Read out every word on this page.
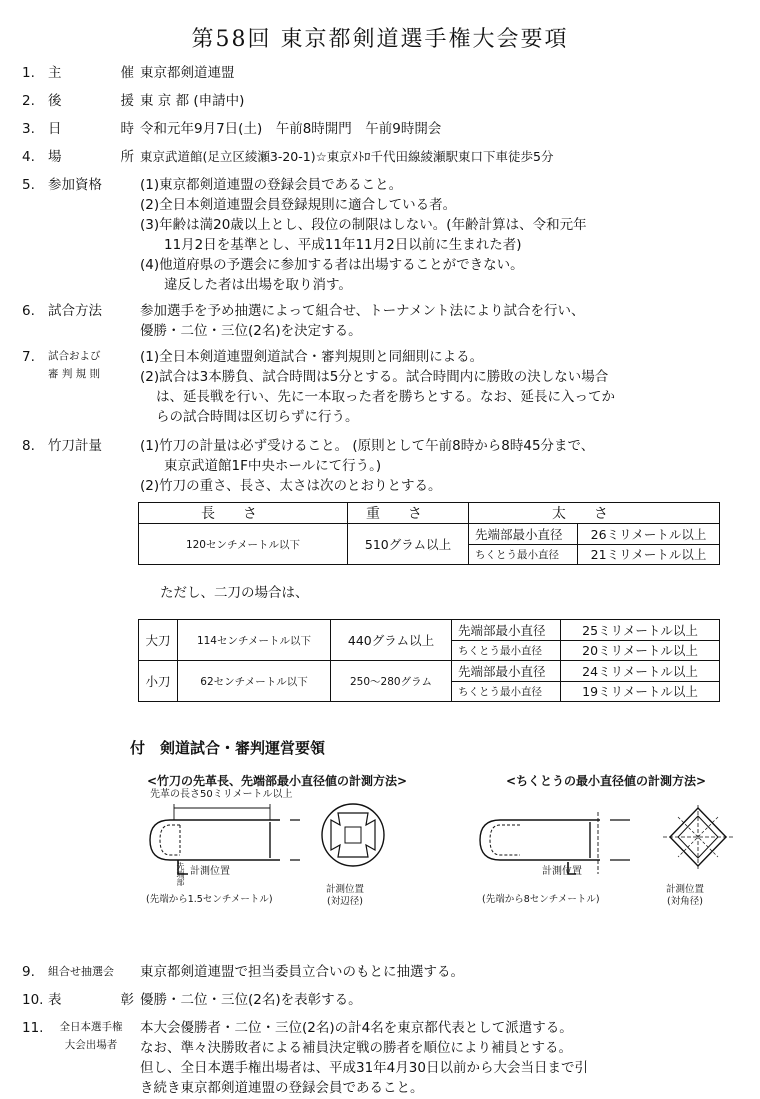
第58回 東京都剣道選手権大会要項
1. 主	催 東京都剣道連盟
2. 後	援 東 京 都 (申請中)
3. 日	時 令和元年9月7日(土)　午前8時開門　午前9時開会
4. 場	所 東京武道館(足立区綾瀬3-20-1)☆東京ﾒﾄﾛ千代田線綾瀬駅東口下車徒歩5分
5. 参加資格	(1)東京都剣道連盟の登録会員であること。
(2)全日本剣道連盟会員登録規則に適合している者。
(3)年齢は満20歳以上とし、段位の制限はしない。(年齢計算は、令和元年
11月2日を基準とし、平成11年11月2日以前に生まれた者)
(4)他道府県の予選会に参加する者は出場することができない。
違反した者は出場を取り消す。
6. 試合方法	参加選手を予め抽選によって組合せ、トーナメント法により試合を行い、
優勝・二位・三位(2名)を決定する。
7.	試合および
審 判 規 則
(1)全日本剣道連盟剣道試合・審判規則と同細則による。
(2)試合は3本勝負、試合時間は5分とする。試合時間内に勝敗の決しない場合
は、延長戦を行い、先に一本取った者を勝ちとする。なお、延長に入ってか
らの試合時間は区切らずに行う。
8. 竹刀計量	(1)竹刀の計量は必ず受けること。 (原則として午前8時から8時45分まで、
東京武道館1F中央ホールにて行う。)
(2)竹刀の重さ、長さ、太さは次のとおりとする。
長さ	重さ	太さ	
120センチメートル以下	510グラム以上	先端部最小直径	26ミリメートル以上
		ちくとう最小直径	21ミリメートル以上
ただし、二刀の場合は、
大刀	114センチメートル以下	440グラム以上	先端部最小直径	25ミリメートル以上
			ちくとう最小直径	20ミリメートル以上
小刀	62センチメートル以下	250〜280グラム	先端部最小直径	24ミリメートル以上
			ちくとう最小直径	19ミリメートル以上
付　剣道試合・審判運営要領
<竹刀の先革長、先端部最小直径値の計測方法>	<ちくとうの最小直径値の計測方法>
先革の長さ50ミリメートル以上
先端部 計測位置
(先端から1.5センチメートル)
計測位置
(対辺径)
計測位置
(先端から8センチメートル)
計測位置
(対角径)
9.	組合せ抽選会	東京都剣道連盟で担当委員立合いのもとに抽選する。
10. 表	彰 優勝・二位・三位(2名)を表彰する。
11.	全日本選手権
大会出場者
本大会優勝者・二位・三位(2名)の計4名を東京都代表として派遣する。
なお、準々決勝敗者による補員決定戦の勝者を順位により補員とする。
但し、全日本選手権出場者は、平成31年4月30日以前から大会当日まで引
き続き東京都剣道連盟の登録会員であること。
